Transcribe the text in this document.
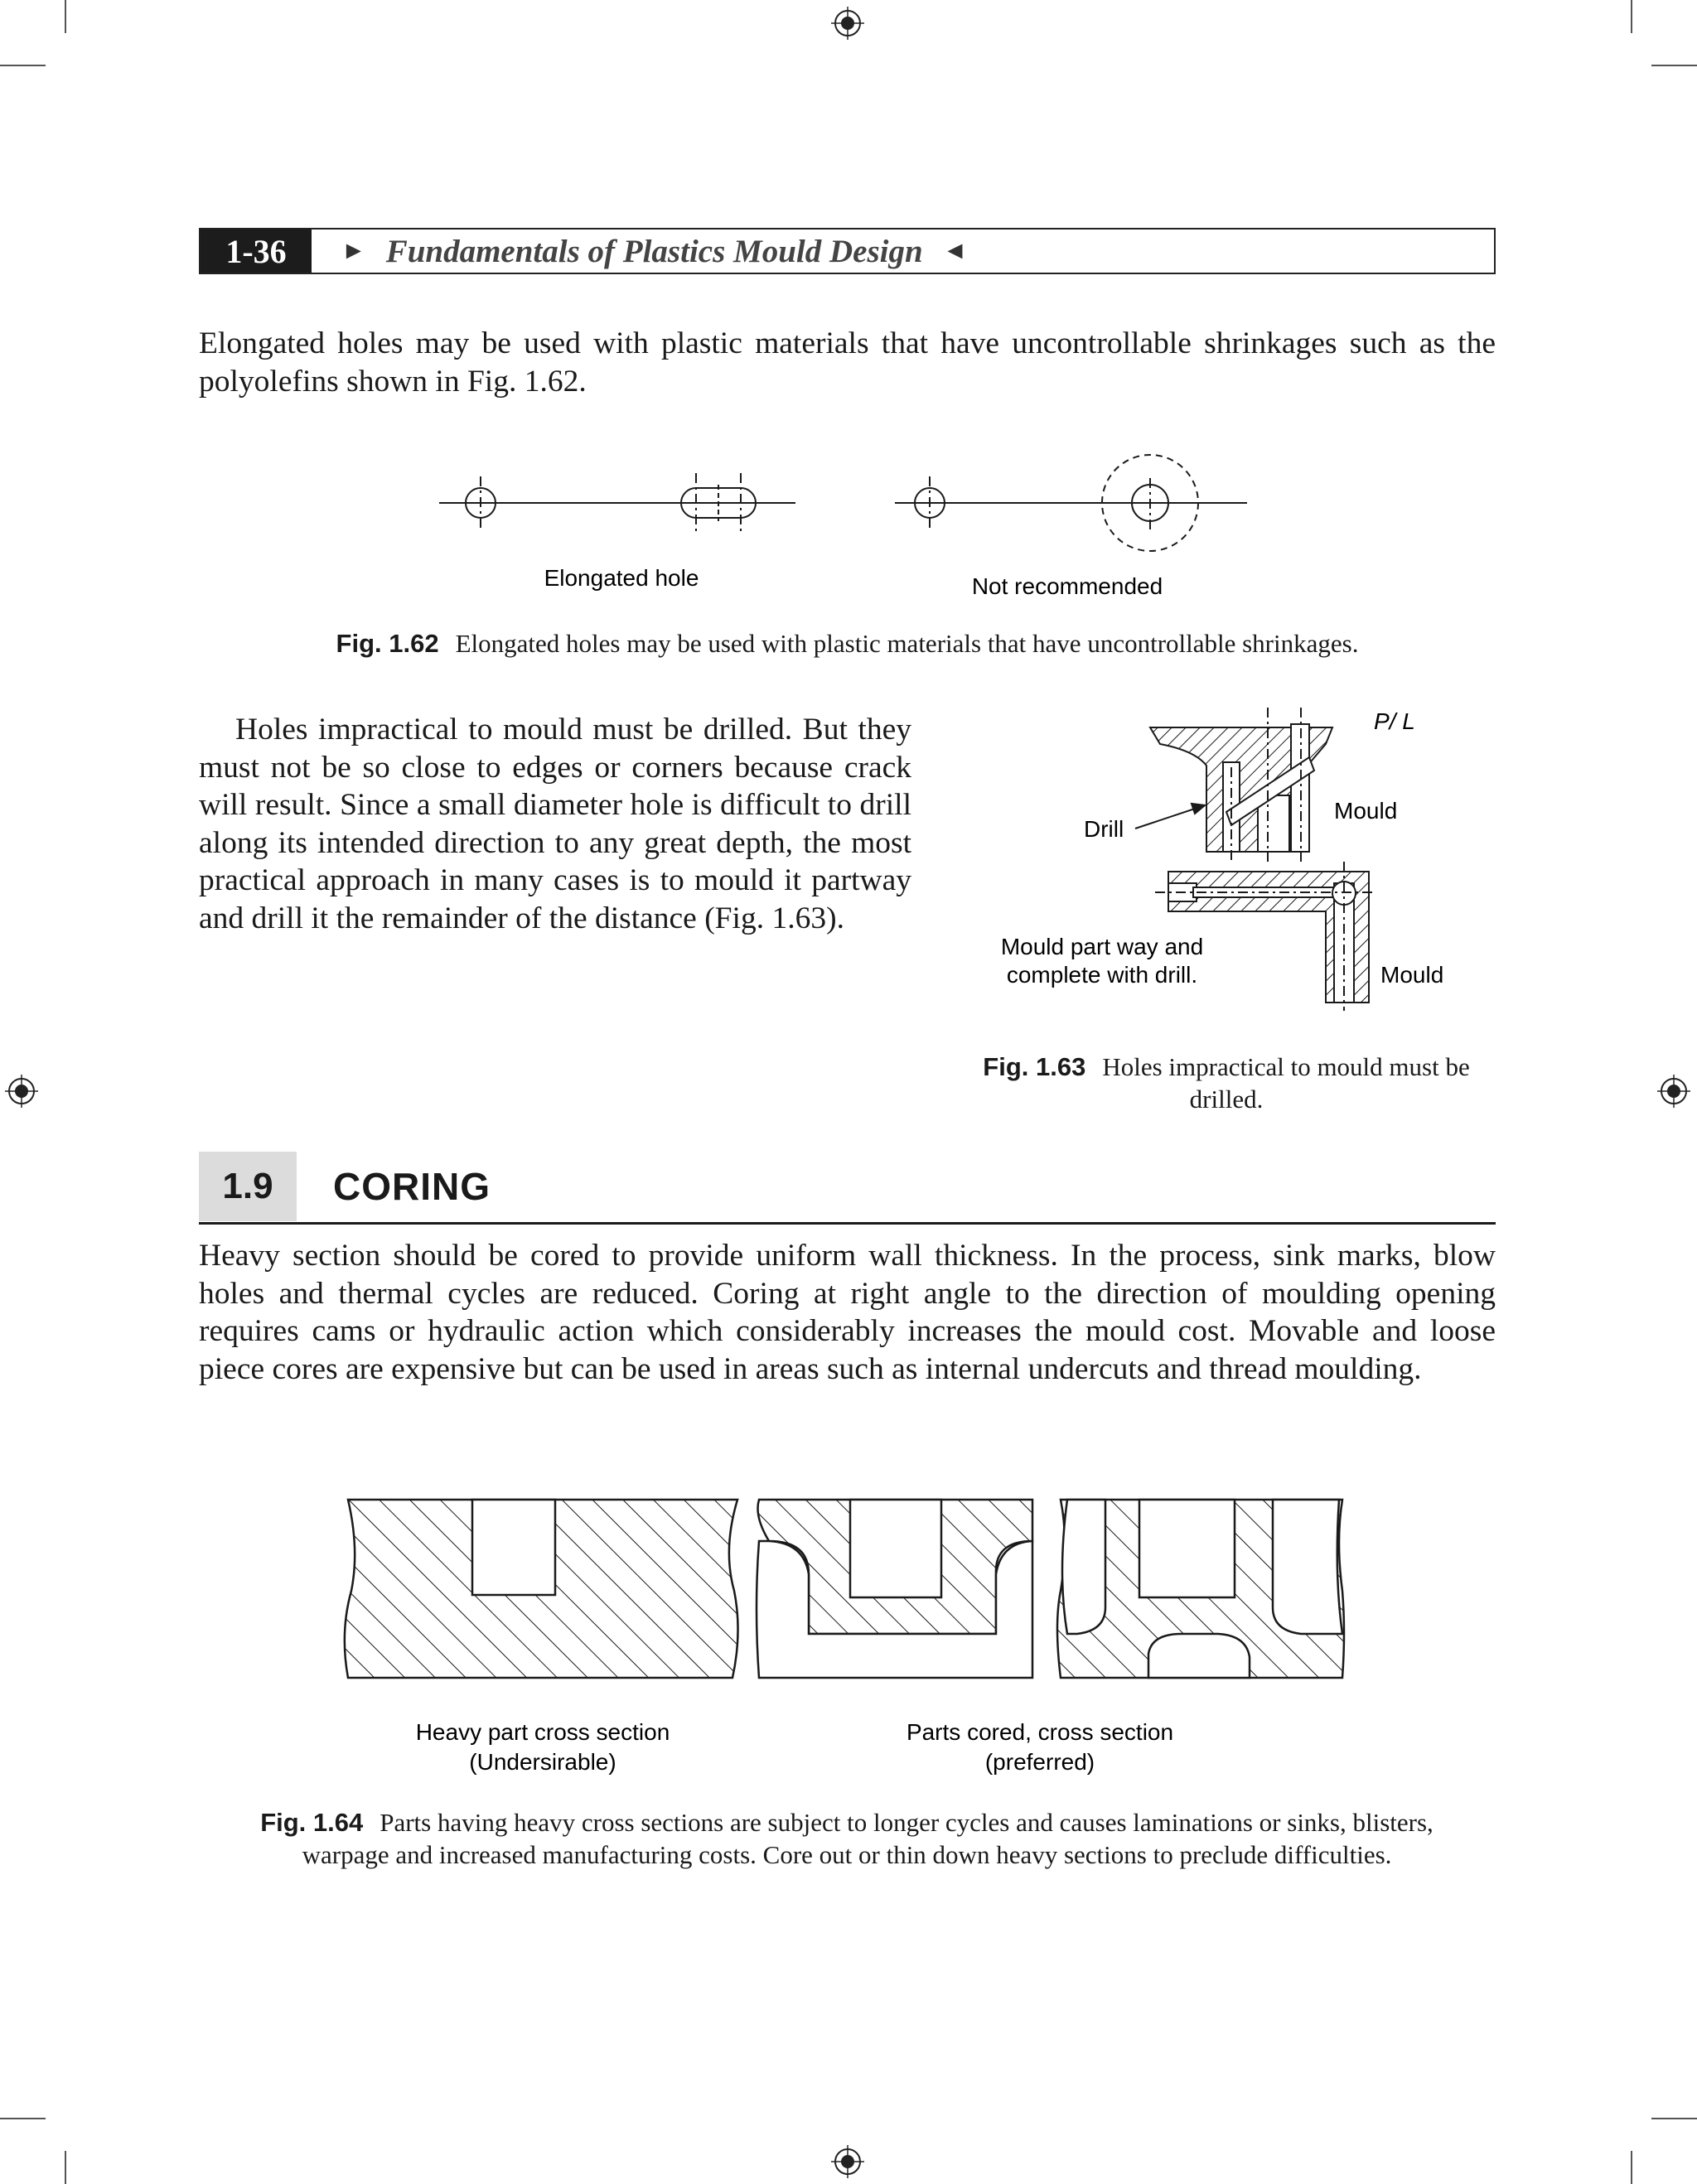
1-36	► Fundamentals of Plastics Mould Design ◄

Elongated holes may be used with plastic materials that have uncontrollable shrinkages such as the polyolefins shown in Fig. 1.62.

Elongated hole	Not recommended

Fig. 1.62 Elongated holes may be used with plastic materials that have uncontrollable shrinkages.

Holes impractical to mould must be drilled. But they must not be so close to edges or corners because crack will result. Since a small diameter hole is difficult to drill along its intended direction to any great depth, the most practical approach in many cases is to mould it partway and drill it the remainder of the distance (Fig. 1.63).

P/ L
Drill
Mould
Mould part way and
complete with drill.	Mould

Fig. 1.63 Holes impractical to mould must be drilled.

1.9	CORING

Heavy section should be cored to provide uniform wall thickness. In the process, sink marks, blow holes and thermal cycles are reduced. Coring at right angle to the direction of moulding opening requires cams or hydraulic action which considerably increases the mould cost. Movable and loose piece cores are expensive but can be used in areas such as internal undercuts and thread moulding.

Heavy part cross section
(Undersirable)
Parts cored, cross section
(preferred)

Fig. 1.64 Parts having heavy cross sections are subject to longer cycles and causes laminations or sinks, blisters, warpage and increased manufacturing costs. Core out or thin down heavy sections to preclude difficulties.
